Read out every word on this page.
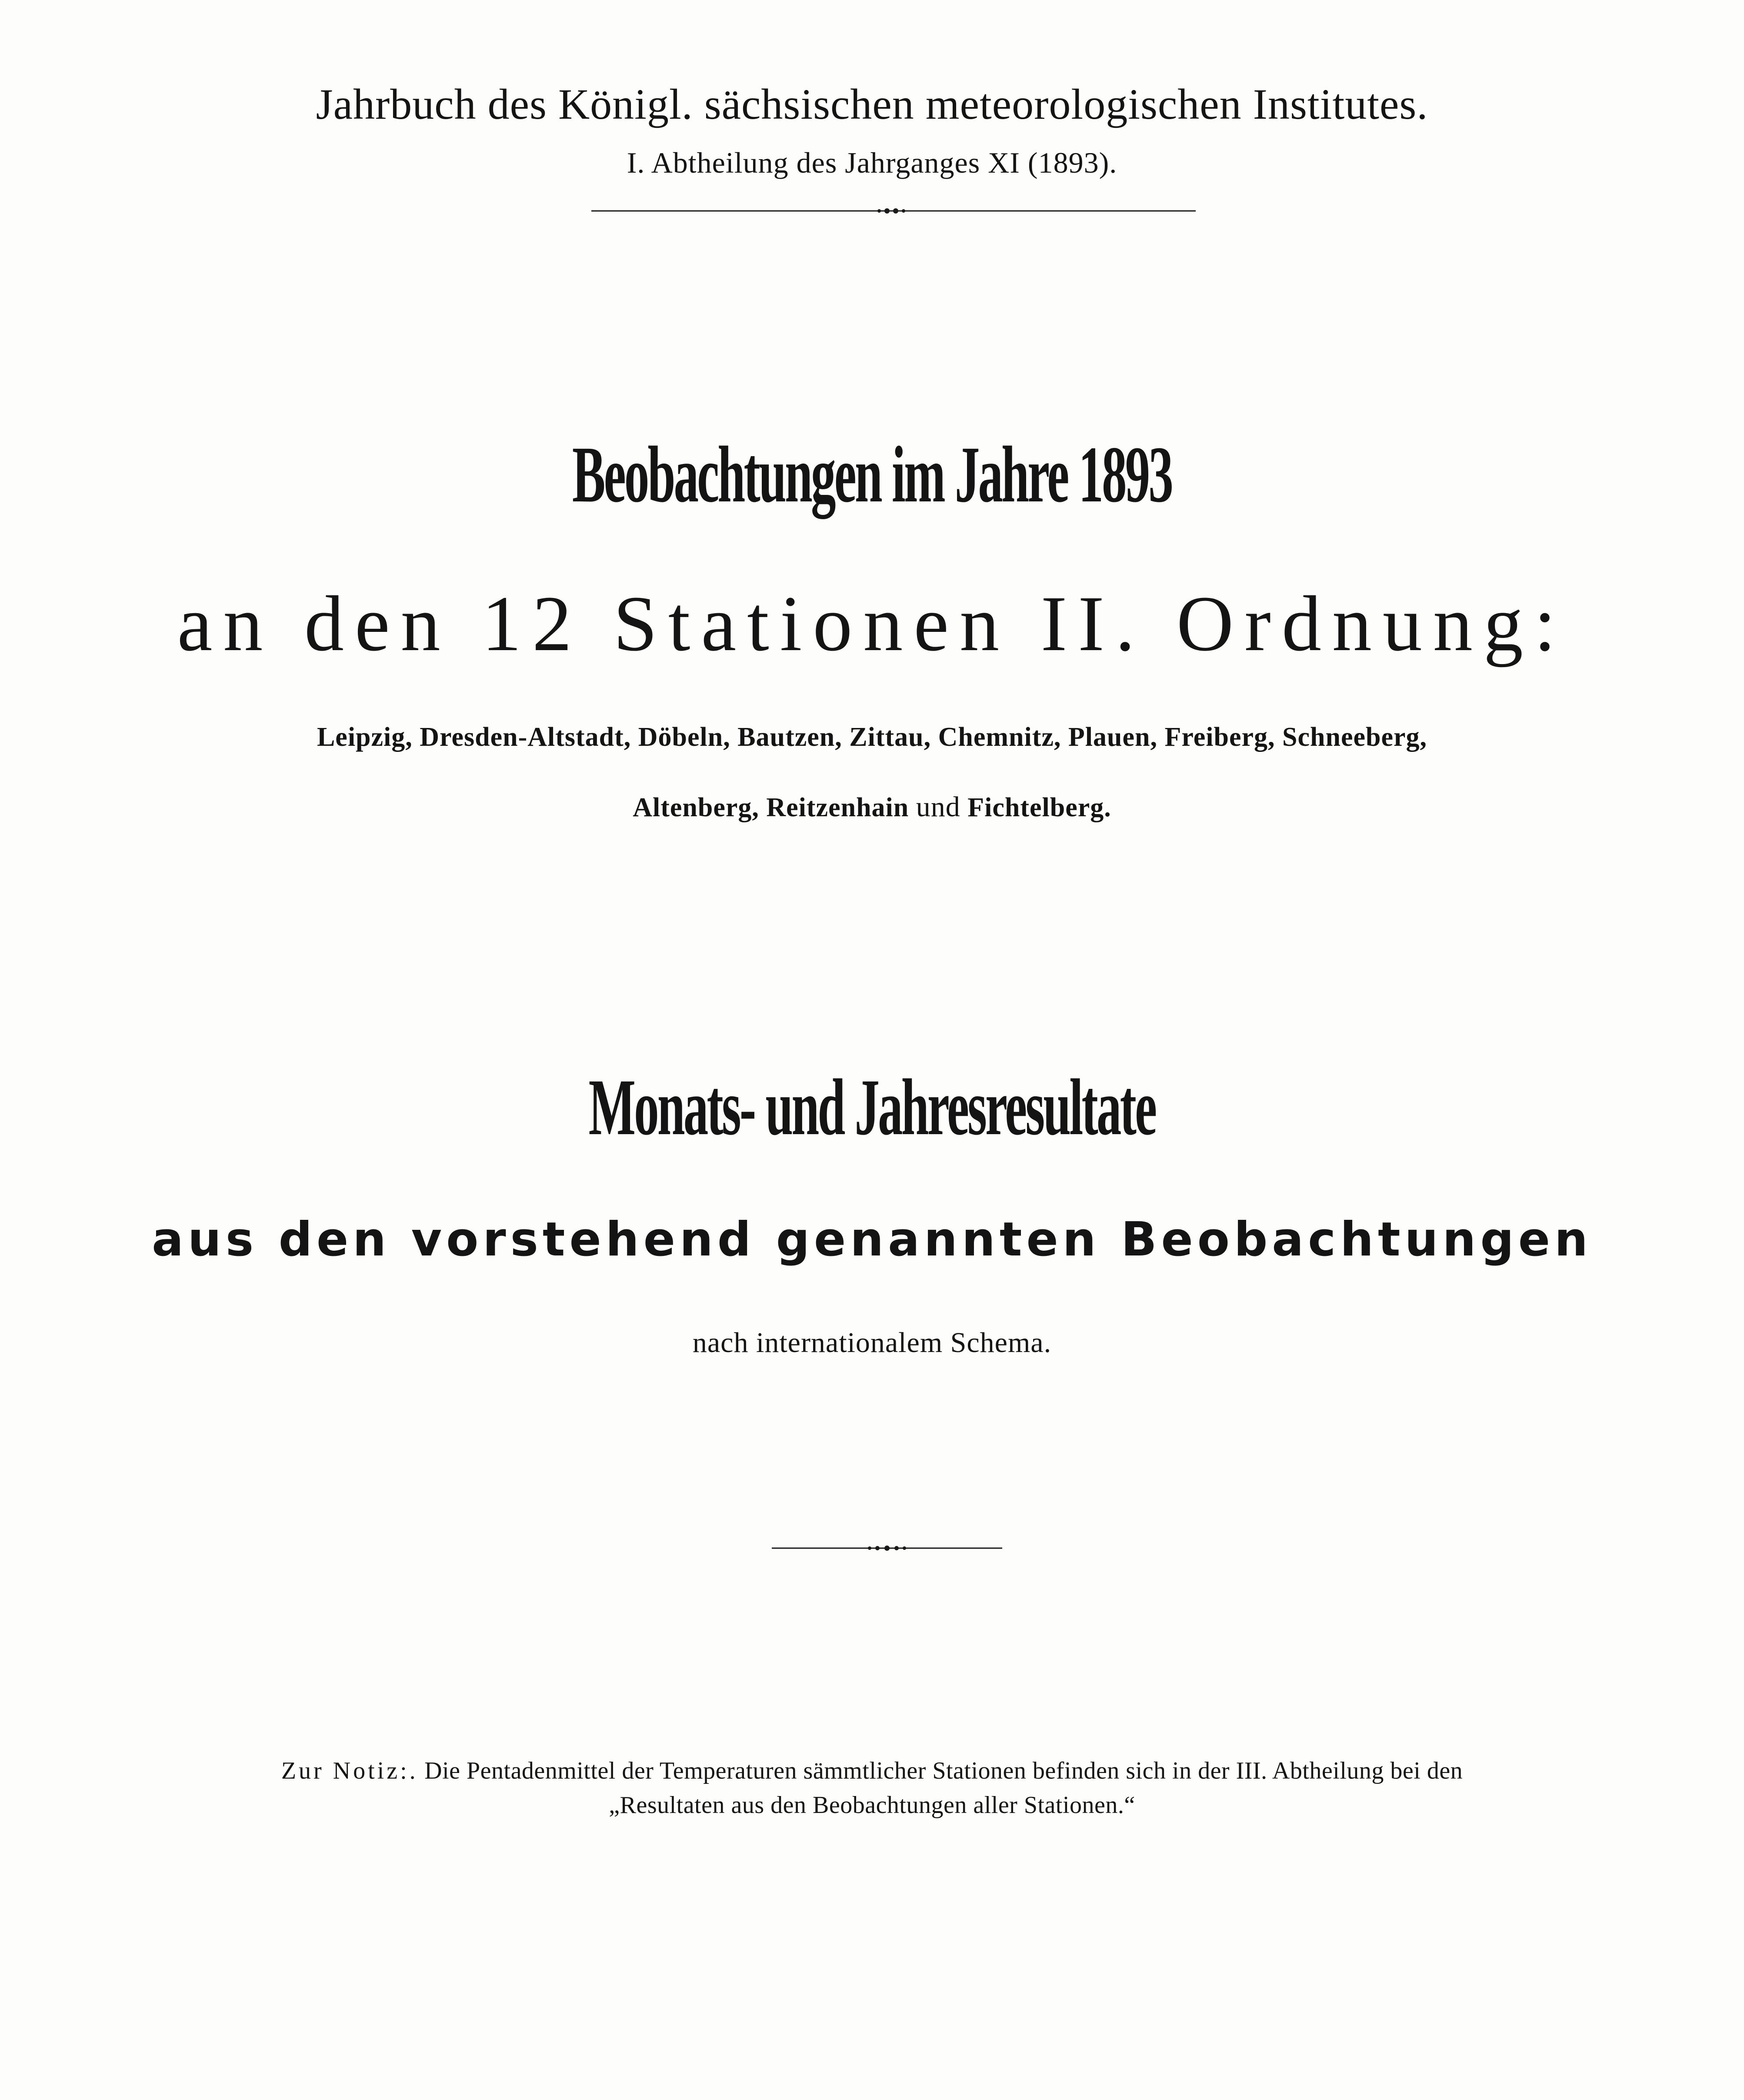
Jahrbuch des Königl. sächsischen meteorologischen Institutes.
I. Abtheilung des Jahrganges XI (1893).
Beobachtungen im Jahre 1893
an den 12 Stationen II. Ordnung:
Leipzig, Dresden-Altstadt, Döbeln, Bautzen, Zittau, Chemnitz, Plauen, Freiberg, Schneeberg,
Altenberg, Reitzenhain und Fichtelberg.
Monats- und Jahresresultate
aus den vorstehend genannten Beobachtungen
nach internationalem Schema.
Zur Notiz:. Die Pentadenmittel der Temperaturen sämmtlicher Stationen befinden sich in der III. Abtheilung bei den
„Resultaten aus den Beobachtungen aller Stationen.“
